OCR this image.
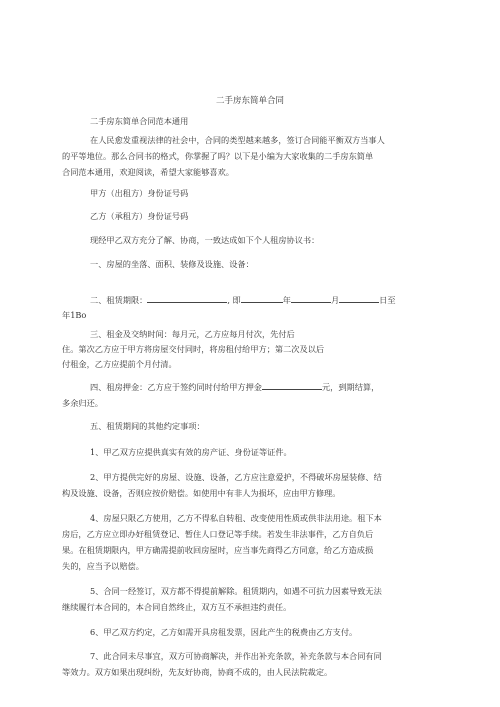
二手房东简单合同
二手房东简单合同范本通用
在人民愈发重视法律的社会中，合同的类型越来越多，签订合同能平衡双方当事人
的平等地位。那么合同书的格式，你掌握了吗？以下是小编为大家收集的二手房东简单
合同范本通用，欢迎阅读，希望大家能够喜欢。
甲方（出租方）身份证号码
乙方（承租方）身份证号码
现经甲乙双方充分了解、协商，一致达成如下个人租房协议书：
一、房屋的坐落、面积、装修及设施、设备：
二、租赁期限：	, 即	年	月	日至
年1Bo
三、租金及交纳时间：每月元，乙方应每月付次，先付后
住。第次乙方应于甲方将房屋交付同时，将房租付给甲方；第二次及以后
付租金，乙方应提前个月付清。
四、租房押金：乙方应于签约同时付给甲方押金	元，到期结算，
多余归还。
五、租赁期间的其他约定事项：
1、甲乙双方应提供真实有效的房产证、身份证等证件。
2、甲方提供完好的房屋、设施、设备，乙方应注意爱护，不得破坏房屋装修、结
构及设施、设备，否则应按价赔偿。如使用中有非人为损坏，应由甲方修理。
4、房屋只限乙方使用，乙方不得私自转租、改变使用性质或供非法用途。租下本
房后，乙方应立即办好租赁登记、暂住人口登记等手续。若发生非法事件，乙方自负后
果。在租赁期限内，甲方确需提前收回房屋时，应当事先商得乙方同意，给乙方造成损
失的，应当予以赔偿。
5、合同一经签订，双方都不得提前解除。租赁期内，如遇不可抗力因素导致无法
继续履行本合同的，本合同自然终止，双方互不承担违约责任。
6、甲乙双方约定，乙方如需开具房租发票，因此产生的税费由乙方支付。
7、此合同未尽事宜，双方可协商解决，并作出补充条款，补充条款与本合同有同
等效力。双方如果出现纠纷，先友好协商，协商不成的，由人民法院裁定。
